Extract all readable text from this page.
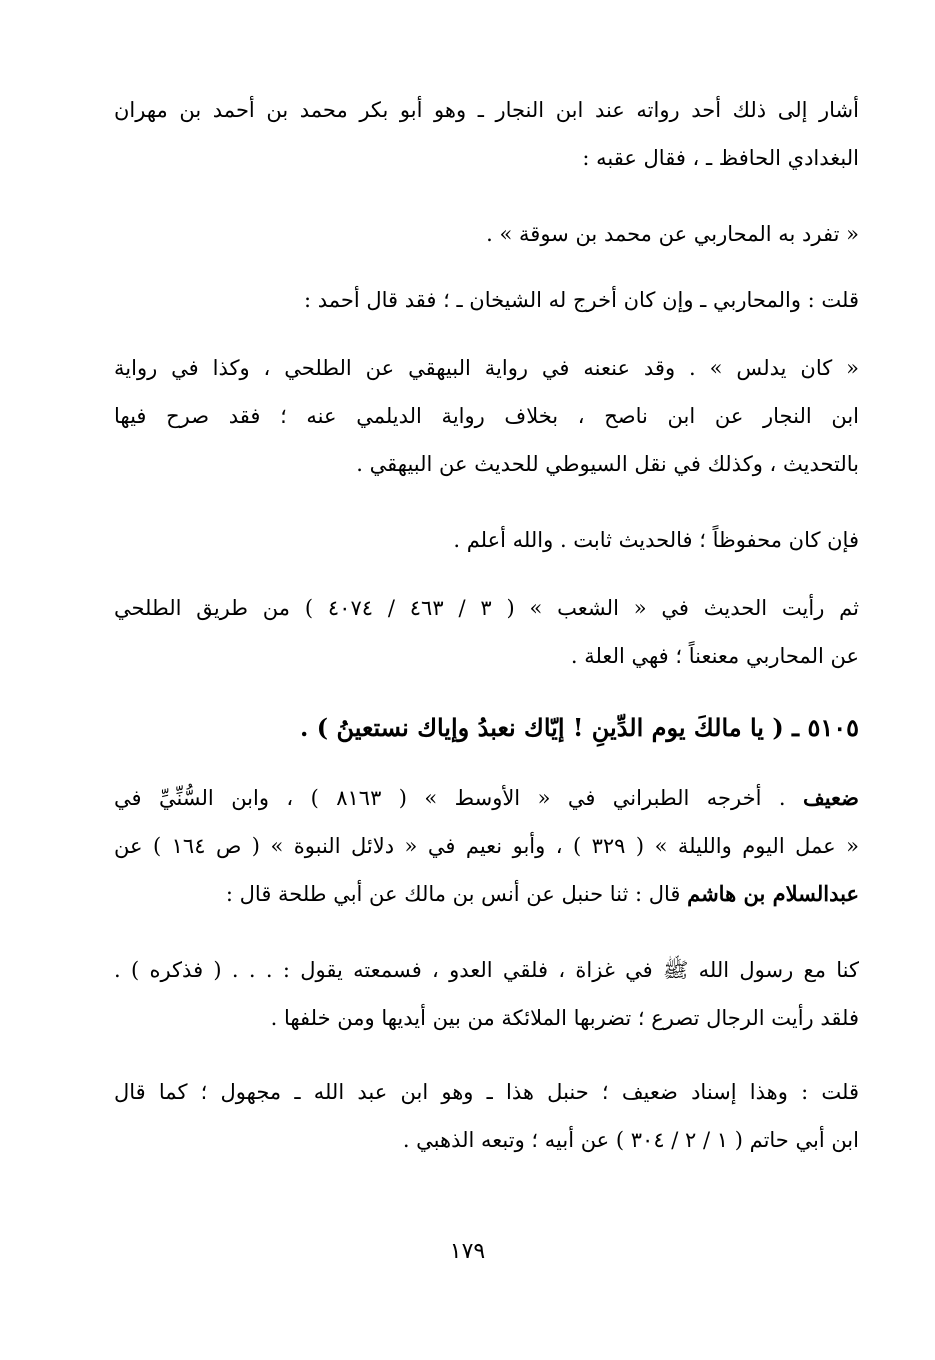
أشار إلى ذلك أحد رواته عند ابن النجار ـ وهو أبو بكر محمد بن أحمد بن مهران
البغدادي الحافظ ـ ، فقال عقبه :
« تفرد به المحاربي عن محمد بن سوقة » .
قلت : والمحاربي ـ وإن كان أخرج له الشيخان ـ ؛ فقد قال أحمد :
« كان يدلس » . وقد عنعنه في رواية البيهقي عن الطلحي ، وكذا في رواية
ابن النجار عن ابن ناصح ، بخلاف رواية الديلمي عنه ؛ فقد صرح فيها
بالتحديث ، وكذلك في نقل السيوطي للحديث عن البيهقي .
فإن كان محفوظاً ؛ فالحديث ثابت . والله أعلم .
ثم رأيت الحديث في « الشعب » ( ٣ / ٤٦٣ / ٤٠٧٤ ) من طريق الطلحي
عن المحاربي معنعناً ؛ فهي العلة .
٥١٠٥ ـ ( يا مالكَ يوم الدِّينِ ! إيّاك نعبدُ وإياك نستعينُ ) .
ضعيف . أخرجه الطبراني في « الأوسط » ( ٨١٦٣ ) ، وابن السُّنِّيِّ في
« عمل اليوم والليلة » ( ٣٢٩ ) ، وأبو نعيم في « دلائل النبوة » ( ص ١٦٤ ) عن
عبدالسلام بن هاشم قال : ثنا حنبل عن أنس بن مالك عن أبي طلحة قال :
كنا مع رسول الله ﷺ في غزاة ، فلقي العدو ، فسمعته يقول : . . . ( فذكره ) .
فلقد رأيت الرجال تصرع ؛ تضربها الملائكة من بين أيديها ومن خلفها .
قلت : وهذا إسناد ضعيف ؛ حنبل هذا ـ وهو ابن عبد الله ـ مجهول ؛ كما قال
ابن أبي حاتم ( ١ / ٢ / ٣٠٤ ) عن أبيه ؛ وتبعه الذهبي .
١٧٩
